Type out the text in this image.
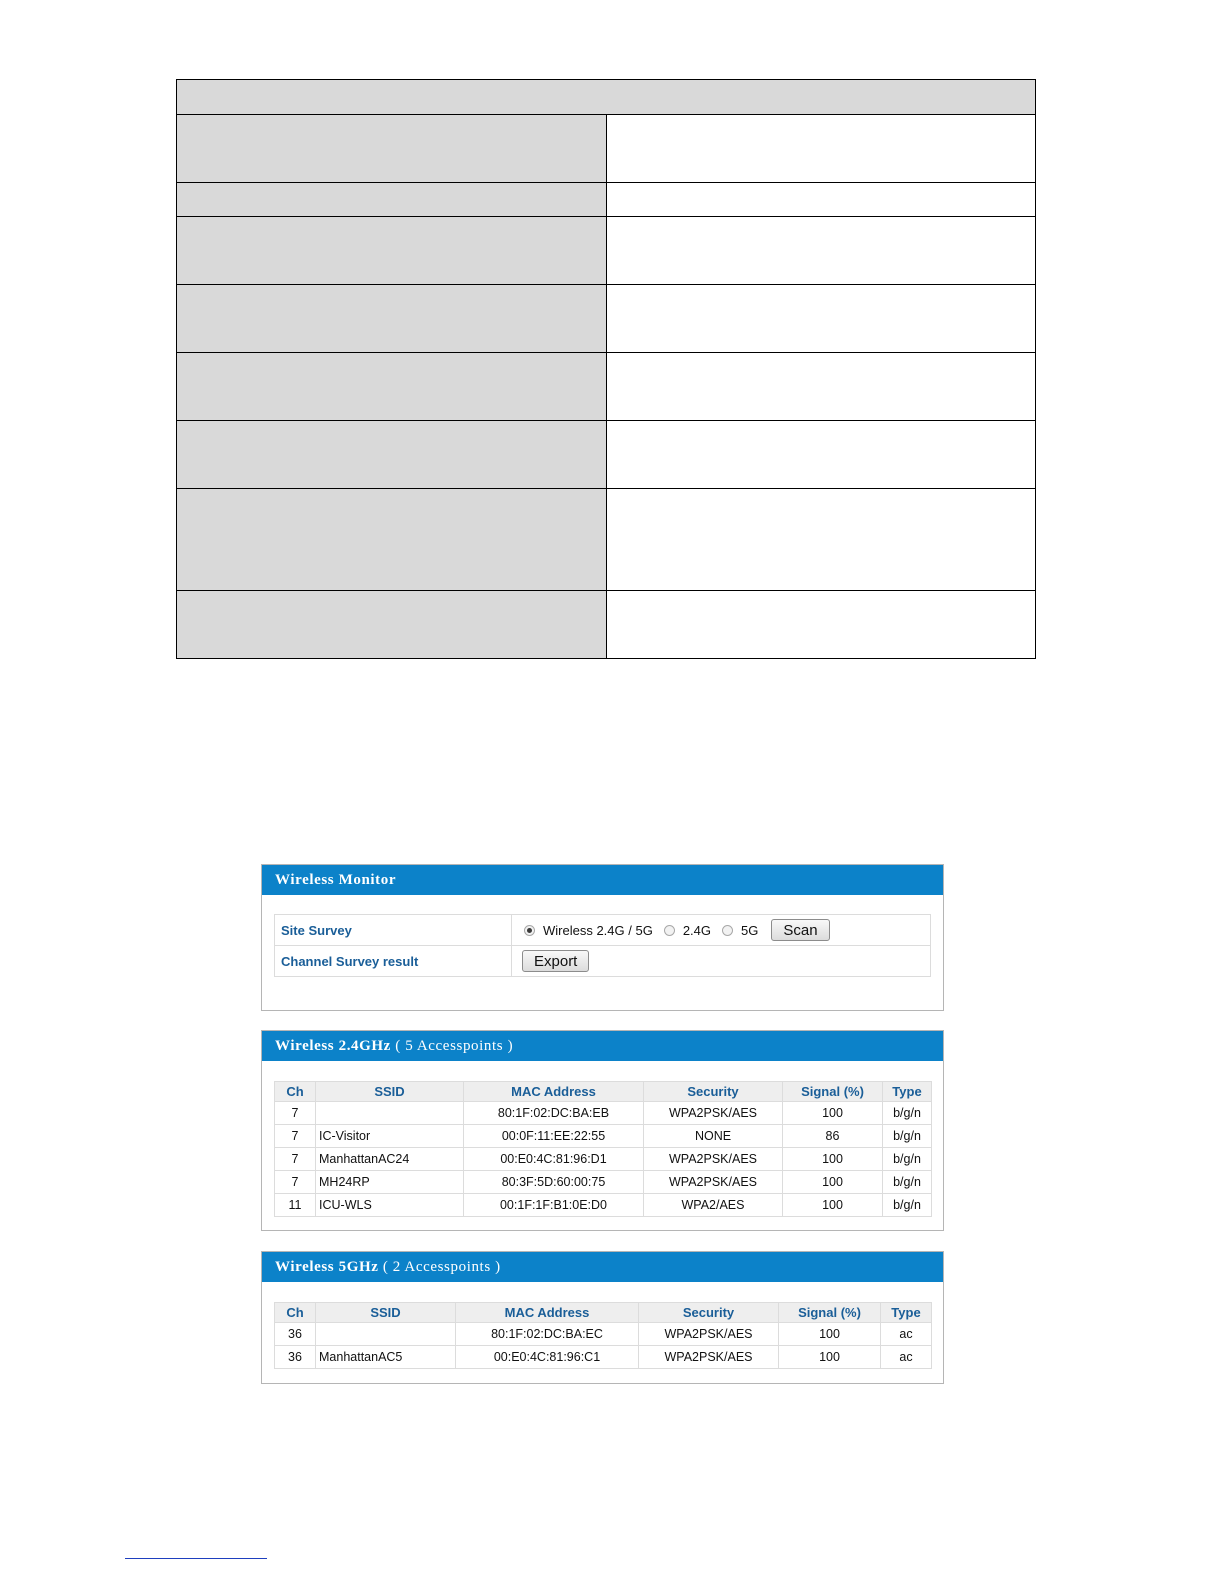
Wireless Monitor
Site Survey	Wireless 2.4G / 5G 2.4G 5G Scan

Channel Survey result	Export
Wireless 2.4GHz ( 5 Accesspoints )
Ch	SSID	MAC Address	Security	Signal (%)	Type
7		80:1F:02:DC:BA:EB	WPA2PSK/AES	100	b/g/n
7	IC-Visitor	00:0F:11:EE:22:55	NONE	86	b/g/n
7	ManhattanAC24	00:E0:4C:81:96:D1	WPA2PSK/AES	100	b/g/n
7	MH24RP	80:3F:5D:60:00:75	WPA2PSK/AES	100	b/g/n
11	ICU-WLS	00:1F:1F:B1:0E:D0	WPA2/AES	100	b/g/n
Wireless 5GHz ( 2 Accesspoints )
Ch	SSID	MAC Address	Security	Signal (%)	Type
36		80:1F:02:DC:BA:EC	WPA2PSK/AES	100	ac
36	ManhattanAC5	00:E0:4C:81:96:C1	WPA2PSK/AES	100	ac
